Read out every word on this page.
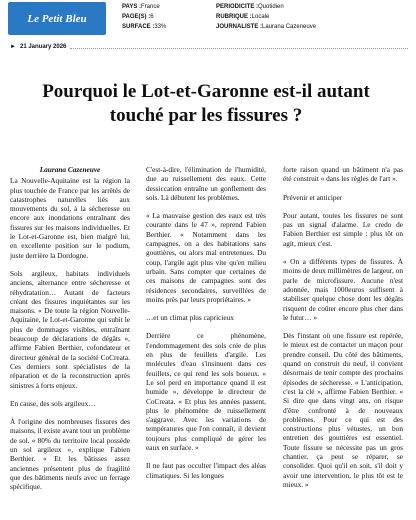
Le Petit Bleu
PAYS :France
PAGE(S) :6
SURFACE :33%
PERIODICITE :Quotidien
RUBRIQUE :Locale
JOURNALISTE :Laurana Cazeneuve
► 21 January 2026
Pourquoi le Lot-et-Garonne est-il autant touché par les fissures ?
Laurana Cazeneuve

La Nouvelle-Aquitaine est la région la plus touchée de France par les arrêtés de catastrophes naturelles liés aux mouvements du sol, à la sécheresse ou encore aux inondations entraînant des fissures sur les maisons individuelles. Et le Lot-et-Garonne est, bien malgré lui, en excellente position sur le podium, juste derrière la Dordogne.

Sols argileux, habitats individuels anciens, alternance entre sécheresse et réhydratation… Autant de facteurs créant des fissures inquiétantes sur les maisons. « De toute la région Nouvelle-Aquitaine, le Lot-et-Garonne qui subit le plus de dommages visibles, entraînant beaucoup de déclarations de dégâts », affirme Fabien Berthier, cofondateur et directeur général de la société CoCreata. Ces derniers sont spécialistes de la réparation et de la reconstruction après sinistres à forts enjeux.

En cause, des sols argileux…

À l'origine des nombreuses fissures des maisons, il existe avant tout un problème de sol. « 80% du territoire local possède un sol argileux », explique Fabien Berthier. « Et les bâtisses assez anciennes présentent plus de fragilité que des bâtiments neufs avec un ferrage spécifique.

C'est-à-dire, l'élimination de l'humidité, due au ruissellement des eaux. Cette dessiccation entraîne un gonflement des sols. Là débutent les problèmes.

« La mauvaise gestion des eaux est très courante dans le 47 », reprend Fabien Berthier. « Notamment dans les campagnes, on a des habitations sans gouttières, ou alors mal entretenues. Du coup, l'argile agit plus vite qu'en milieu urbain. Sans compter que certaines de ces maisons de campagnes sont des résidences secondaires, surveillées de moins près par leurs propriétaires. »

…et un climat plus capricieux

Derrière ce phénomène, l'endommagement des sols crée de plus en plus de feuillets d'argile. Les molécules d'eau s'insinuent dans ces feuillets, ce qui rend les sols boueux. « Le sol perd en importance quand il est humide », développe le directeur de CoCreata. « Et plus les années passent, plus le phénomène de ruissellement s'aggrave. Avec les variations de températures que l'on connaît, il devient toujours plus compliqué de gérer les eaux en surface. »

Il ne faut pas occulter l'impact des aléas climatiques. Si les longues

forte raison quand un bâtiment n'a pas été construit « dans les règles de l'art ».

Prévenir et anticiper

Pour autant, toutes les fissures ne sont pas un signal d'alarme. Le credo de Fabien Berthier est simple : plus tôt on agit, mieux c'est.

« On a différents types de fissures. À moins de deux millimètres de largeur, on parle de microfissure. Aucune n'est adonnée, mais 1000euros suffisent à stabiliser quelque chose dont les dégâts risquent de coûter encore plus cher dans le futur… »

Dès l'instant où une fissure est repérée, le mieux est de contacter un maçon pour prendre conseil. Du côté des bâtiments, quand on construit du neuf, il convient désormais de tenir compte des prochains épisodes de sécheresse. « L'anticipation, c'est la clé », affirme Fabien Berthier. « Si dire que dans vingt ans, on risque d'être confronté à de nouveaux problèmes. Pour ce qui est des constructions plus vétustes, un bon entretien des gouttières est essentiel. Toute fissure se nécessite pas un gros chantier, ça peut se réparer, se consolider. Quoi qu'il en soit, s'il doit y avoir une intervention, le plus tôt est le mieux. »
